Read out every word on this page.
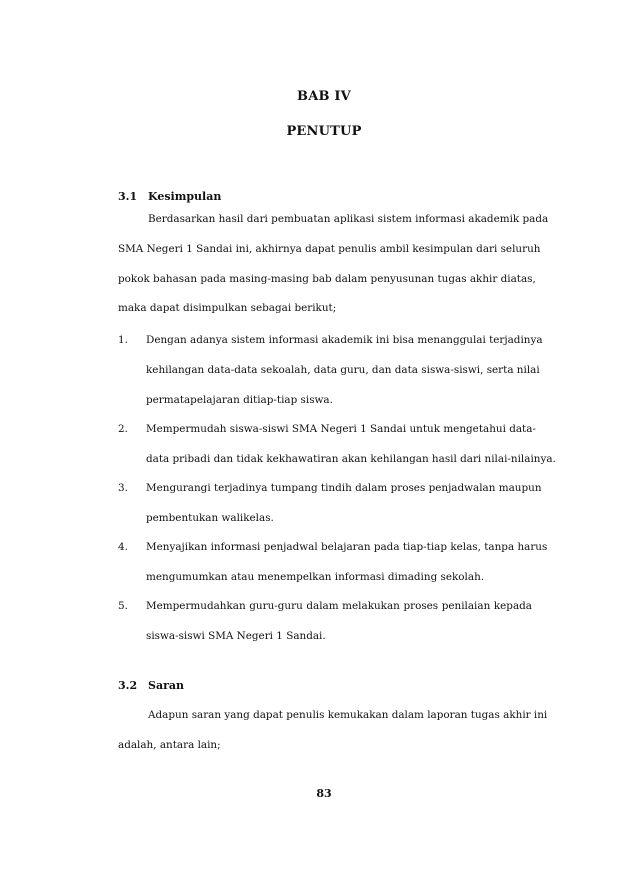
BAB IV
PENUTUP
3.1 Kesimpulan
Berdasarkan hasil dari pembuatan aplikasi sistem informasi akademik pada
SMA Negeri 1 Sandai ini, akhirnya dapat penulis ambil kesimpulan dari seluruh
pokok bahasan pada masing-masing bab dalam penyusunan tugas akhir diatas,
maka dapat disimpulkan sebagai berikut;
1. Dengan adanya sistem informasi akademik ini bisa menanggulai terjadinya
kehilangan data-data sekoalah, data guru, dan data siswa-siswi, serta nilai
permatapelajaran ditiap-tiap siswa.
2. Mempermudah siswa-siswi SMA Negeri 1 Sandai untuk mengetahui data-
data pribadi dan tidak kekhawatiran akan kehilangan hasil dari nilai-nilainya.
3. Mengurangi terjadinya tumpang tindih dalam proses penjadwalan maupun
pembentukan walikelas.
4. Menyajikan informasi penjadwal belajaran pada tiap-tiap kelas, tanpa harus
mengumumkan atau menempelkan informasi dimading sekolah.
5. Mempermudahkan guru-guru dalam melakukan proses penilaian kepada
siswa-siswi SMA Negeri 1 Sandai.
3.2 Saran
Adapun saran yang dapat penulis kemukakan dalam laporan tugas akhir ini
adalah, antara lain;
83
